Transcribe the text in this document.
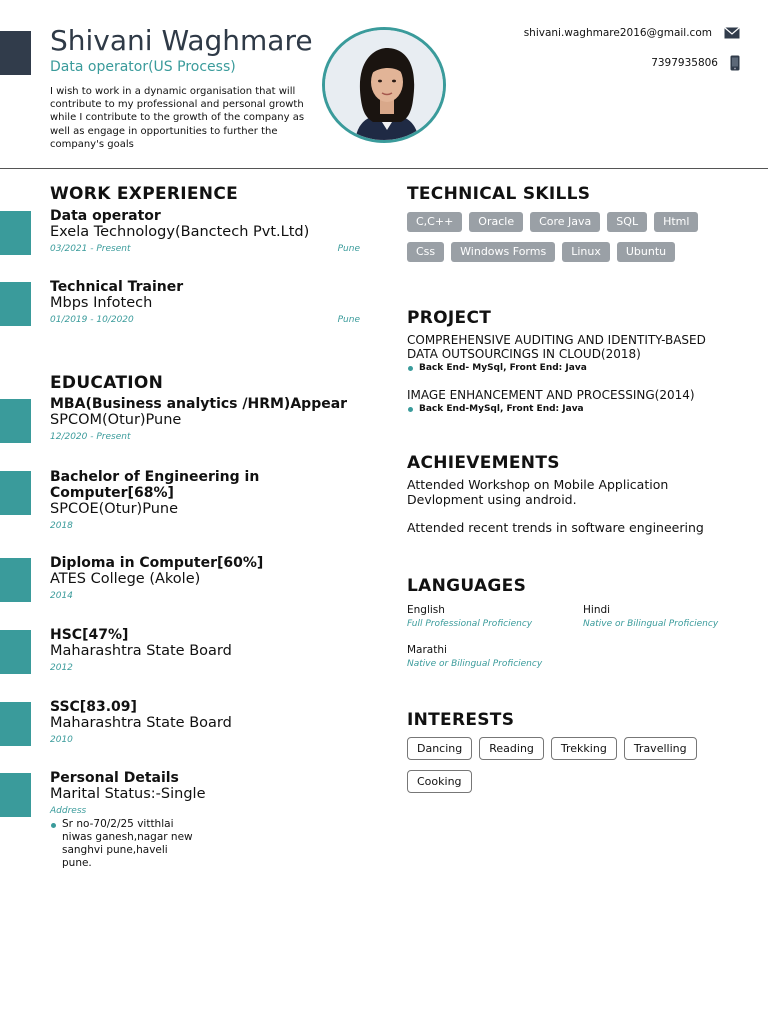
Shivani Waghmare
Data operator(US Process)

I wish to work in a dynamic organisation that will contribute to my professional and personal growth while I contribute to the growth of the company as well as engage in opportunities to further the company's goals

shivani.waghmare2016@gmail.com
7397935806
WORK EXPERIENCE
Data operator
Exela Technology(Banctech Pvt.Ltd)
03/2021 - Present	Pune
Technical Trainer
Mbps Infotech
01/2019 - 10/2020	Pune
EDUCATION
MBA(Business analytics /HRM)Appear
SPCOM(Otur)Pune
12/2020 - Present
Bachelor of Engineering in Computer[68%]
SPCOE(Otur)Pune
2018
Diploma in Computer[60%]
ATES College (Akole)
2014
HSC[47%]
Maharashtra State Board
2012
SSC[83.09]
Maharashtra State Board
2010
Personal Details
Marital Status:-Single
Address
Sr no-70/2/25 vitthlai niwas ganesh,nagar new sanghvi pune,haveli pune.
TECHNICAL SKILLS
C,C++	Oracle	Core Java	SQL	Html
Css	Windows Forms	Linux	Ubuntu
PROJECT
COMPREHENSIVE AUDITING AND IDENTITY-BASED DATA OUTSOURCINGS IN CLOUD(2018)
Back End- MySql, Front End: Java
IMAGE ENHANCEMENT AND PROCESSING(2014)
Back End-MySql, Front End: Java
ACHIEVEMENTS
Attended Workshop on Mobile Application Devlopment using android.
Attended recent trends in software engineering
LANGUAGES
English
Full Professional Proficiency
Hindi
Native or Bilingual Proficiency
Marathi
Native or Bilingual Proficiency
INTERESTS
Dancing	Reading	Trekking	Travelling
Cooking
